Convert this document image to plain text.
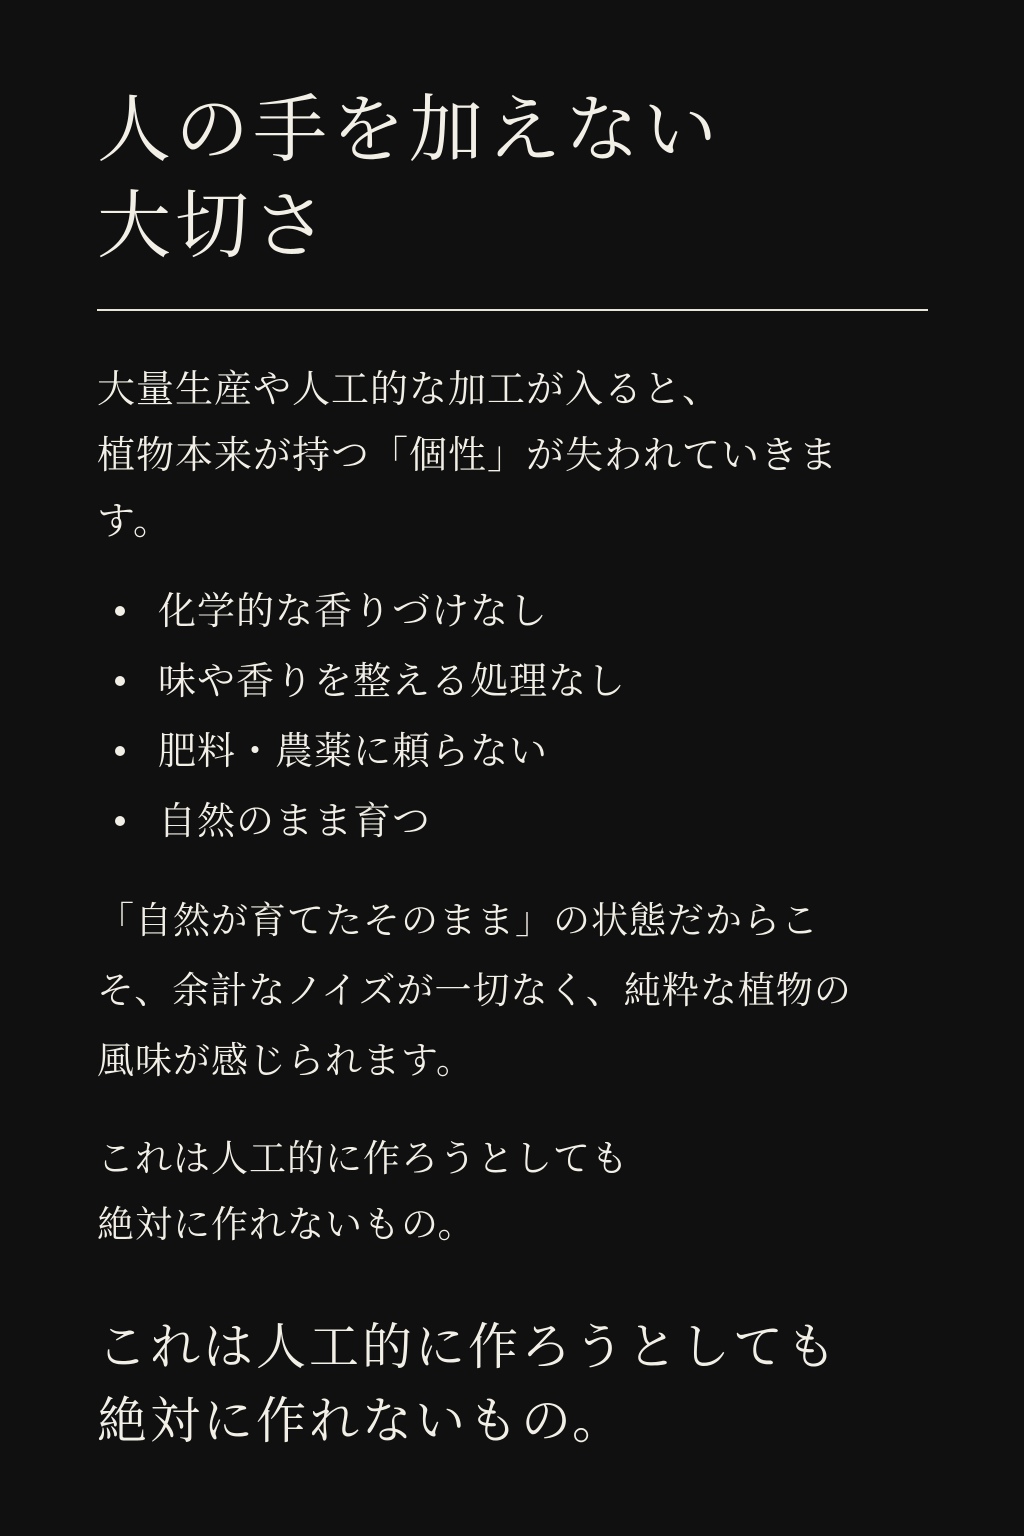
人の手を加えない
大切さ

大量生産や人工的な加工が入ると、
植物本来が持つ「個性」が失われていきま
す。

化学的な香りづけなし
味や香りを整える処理なし
肥料・農薬に頼らない
自然のまま育つ

「自然が育てたそのまま」の状態だからこ
そ、余計なノイズが一切なく、純粋な植物の
風味が感じられます。

これは人工的に作ろうとしても
絶対に作れないもの。

これは人工的に作ろうとしても
絶対に作れないもの。
